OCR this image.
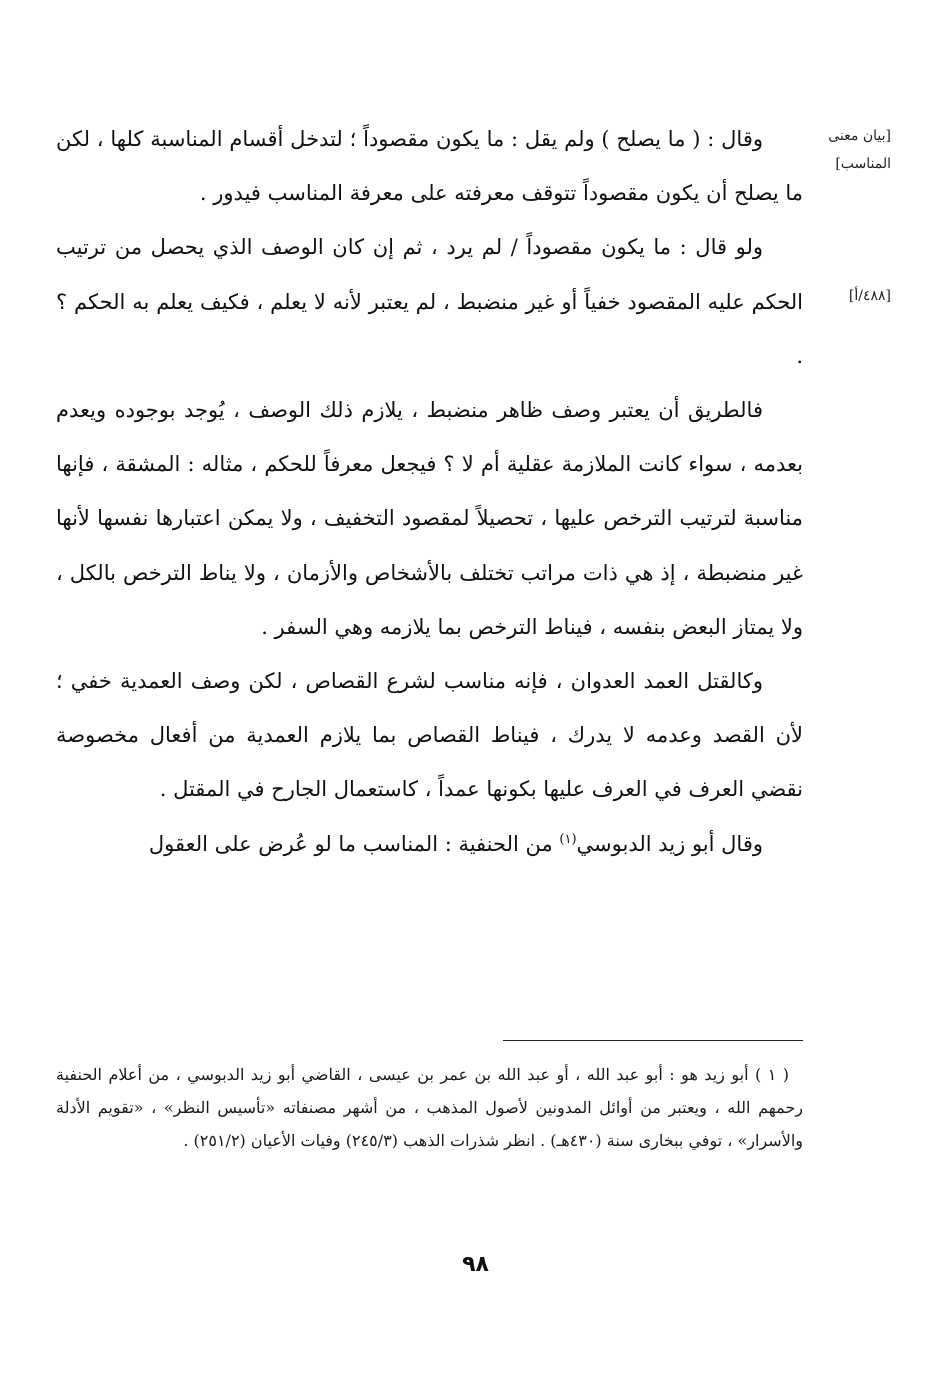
[بيان معنى المناسب]
[٤٨٨/أ]

وقال : ( ما يصلح ) ولم يقل : ما يكون مقصوداً ؛ لتدخل أقسام المناسبة كلها ، لكن ما يصلح أن يكون مقصوداً تتوقف معرفته على معرفة المناسب فيدور .

ولو قال : ما يكون مقصوداً / لم يرد ، ثم إن كان الوصف الذي يحصل من ترتيب الحكم عليه المقصود خفياً أو غير منضبط ، لم يعتبر لأنه لا يعلم ، فكيف يعلم به الحكم ؟ .

فالطريق أن يعتبر وصف ظاهر منضبط ، يلازم ذلك الوصف ، يُوجد بوجوده ويعدم بعدمه ، سواء كانت الملازمة عقلية أم لا ؟ فيجعل معرفاً للحكم ، مثاله : المشقة ، فإنها مناسبة لترتيب الترخص عليها ، تحصيلاً لمقصود التخفيف ، ولا يمكن اعتبارها نفسها لأنها غير منضبطة ، إذ هي ذات مراتب تختلف بالأشخاص والأزمان ، ولا يناط الترخص بالكل ، ولا يمتاز البعض بنفسه ، فيناط الترخص بما يلازمه وهي السفر .

وكالقتل العمد العدوان ، فإنه مناسب لشرع القصاص ، لكن وصف العمدية خفي ؛ لأن القصد وعدمه لا يدرك ، فيناط القصاص بما يلازم العمدية من أفعال مخصوصة نقضي العرف في العرف عليها بكونها عمداً ، كاستعمال الجارح في المقتل .

وقال أبو زيد الدبوسي$^{(١)}$ من الحنفية : المناسب ما لو عُرض على العقول

( ١ ) أبو زيد هو : أبو عبد الله ، أو عبد الله بن عمر بن عيسى ، القاضي أبو زيد الدبوسي ، من أعلام الحنفية رحمهم الله ، ويعتبر من أوائل المدونين لأصول المذهب ، من أشهر مصنفاته «تأسيس النظر» ، «تقويم الأدلة والأسرار» ، توفي ببخارى سنة (٤٣٠هـ) . انظر شذرات الذهب (٢٤٥/٣) وفيات الأعيان (٢٥١/٢) .

٩٨
